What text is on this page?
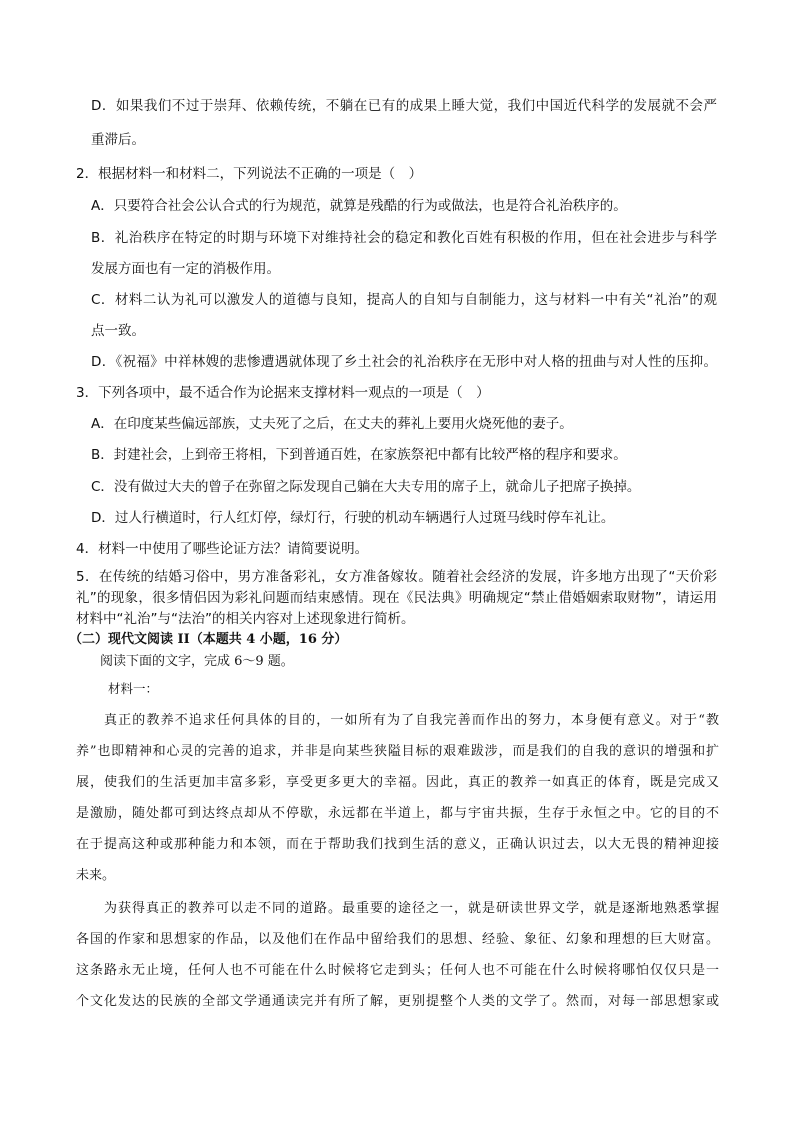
D．如果我们不过于崇拜、依赖传统，不躺在已有的成果上睡大觉，我们中国近代科学的发展就不会严
重滞后。
2．根据材料一和材料二，下列说法不正确的一项是（　）
A．只要符合社会公认合式的行为规范，就算是残酷的行为或做法，也是符合礼治秩序的。
B．礼治秩序在特定的时期与环境下对维持社会的稳定和教化百姓有积极的作用，但在社会进步与科学
发展方面也有一定的消极作用。
C．材料二认为礼可以激发人的道德与良知，提高人的自知与自制能力，这与材料一中有关“礼治”的观
点一致。
D．《祝福》中祥林嫂的悲惨遭遇就体现了乡土社会的礼治秩序在无形中对人格的扭曲与对人性的压抑。
3．下列各项中，最不适合作为论据来支撑材料一观点的一项是（　）
A．在印度某些偏远部族，丈夫死了之后，在丈夫的葬礼上要用火烧死他的妻子。
B．封建社会，上到帝王将相，下到普通百姓，在家族祭祀中都有比较严格的程序和要求。
C．没有做过大夫的曾子在弥留之际发现自己躺在大夫专用的席子上，就命儿子把席子换掉。
D．过人行横道时，行人红灯停，绿灯行，行驶的机动车辆遇行人过斑马线时停车礼让。
4．材料一中使用了哪些论证方法？请简要说明。
5．在传统的结婚习俗中，男方准备彩礼，女方准备嫁妆。随着社会经济的发展，许多地方出现了“天价彩
礼”的现象，很多情侣因为彩礼问题而结束感情。现在《民法典》明确规定“禁止借婚姻索取财物”，请运用
材料中“礼治”与“法治”的相关内容对上述现象进行简析。
（二）现代文阅读 II（本题共 4 小题，16 分）
阅读下面的文字，完成 6～9 题。
材料一：
真正的教养不追求任何具体的目的，一如所有为了自我完善而作出的努力，本身便有意义。对于“教
养”也即精神和心灵的完善的追求，并非是向某些狭隘目标的艰难跋涉，而是我们的自我的意识的增强和扩
展，使我们的生活更加丰富多彩，享受更多更大的幸福。因此，真正的教养一如真正的体育，既是完成又
是激励，随处都可到达终点却从不停歇，永远都在半道上，都与宇宙共振，生存于永恒之中。它的目的不
在于提高这种或那种能力和本领，而在于帮助我们找到生活的意义，正确认识过去，以大无畏的精神迎接
未来。
为获得真正的教养可以走不同的道路。最重要的途径之一，就是研读世界文学，就是逐渐地熟悉掌握
各国的作家和思想家的作品，以及他们在作品中留给我们的思想、经验、象征、幻象和理想的巨大财富。
这条路永无止境，任何人也不可能在什么时候将它走到头；任何人也不可能在什么时候将哪怕仅仅只是一
个文化发达的民族的全部文学通通读完并有所了解，更别提整个人类的文学了。然而，对每一部思想家或
